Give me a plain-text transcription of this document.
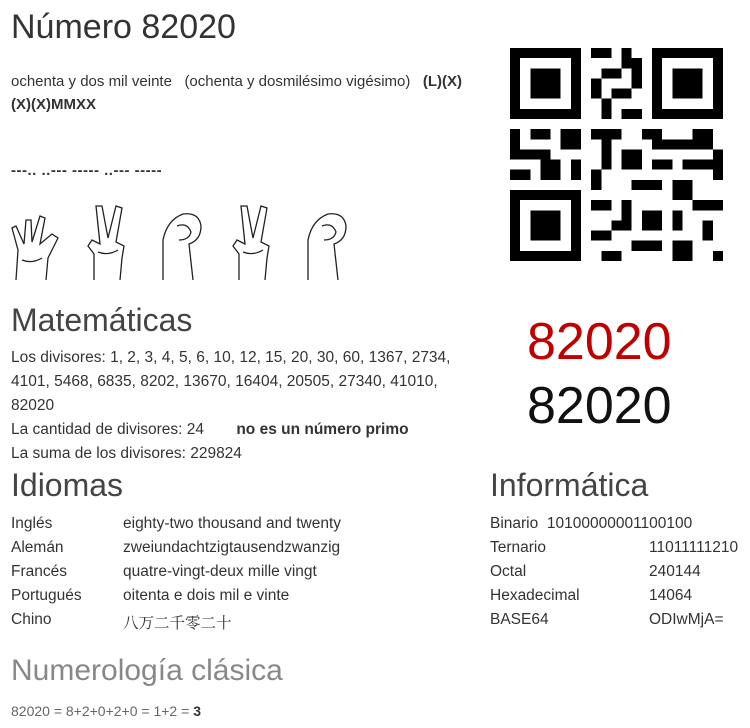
Número 82020
ochenta y dos mil veinte (ochenta y dosmilésimo vigésimo) (L)(X)(X)(X)MMXX
---.. ..--- ----- ..--- -----

Matemáticas
Los divisores: 1, 2, 3, 4, 5, 6, 10, 12, 15, 20, 30, 60, 1367, 2734, 4101, 5468, 6835, 8202, 13670, 16404, 20505, 27340, 41010, 82020
La cantidad de divisores: 24 no es un número primo
La suma de los divisores: 229824
82020
82020
Idiomas	Informática
Inglés	eighty-two thousand and twenty
Alemán	zweiundachtzigtausendzwanzig
Francés	quatre-vingt-deux mille vingt
Portugués	oitenta e dois mil e vinte
Chino	八万二千零二十
Binario 10100000001100100
Ternario	11011111210
Octal	240144
Hexadecimal	14064
BASE64	ODIwMjA=
Numerología clásica
82020 = 8+2+0+2+0 = 1+2 = 3
